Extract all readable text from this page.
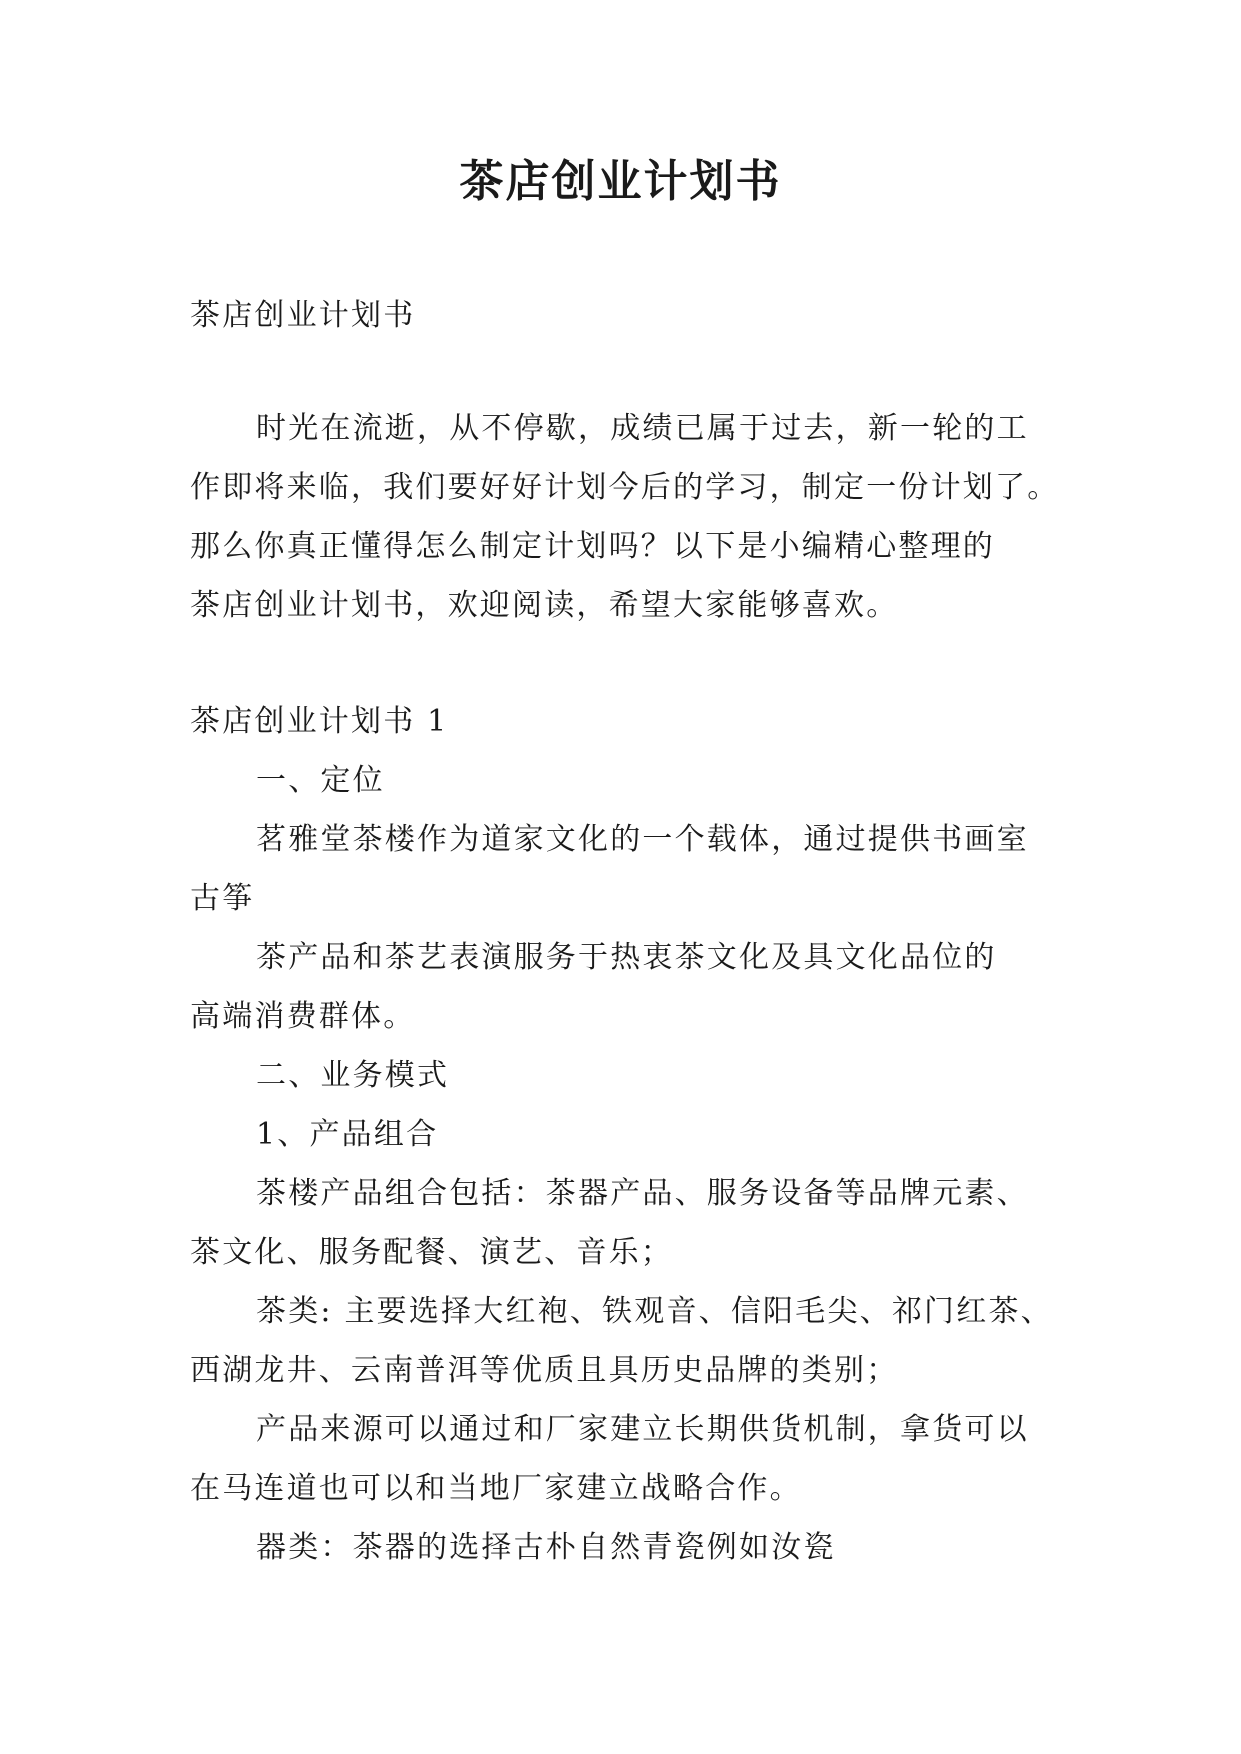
茶店创业计划书

茶店创业计划书

时光在流逝，从不停歇，成绩已属于过去，新一轮的工

作即将来临，我们要好好计划今后的学习，制定一份计划了。

那么你真正懂得怎么制定计划吗？以下是小编精心整理的

茶店创业计划书，欢迎阅读，希望大家能够喜欢。

茶店创业计划书 1

一、定位

茗雅堂茶楼作为道家文化的一个载体，通过提供书画室

古筝

茶产品和茶艺表演服务于热衷茶文化及具文化品位的

高端消费群体。

二、业务模式

1、产品组合

茶楼产品组合包括：茶器产品、服务设备等品牌元素、

茶文化、服务配餐、演艺、音乐；

茶类: 主要选择大红袍、铁观音、信阳毛尖、祁门红茶、

西湖龙井、云南普洱等优质且具历史品牌的类别；

产品来源可以通过和厂家建立长期供货机制，拿货可以

在马连道也可以和当地厂家建立战略合作。

器类：茶器的选择古朴自然青瓷例如汝瓷
